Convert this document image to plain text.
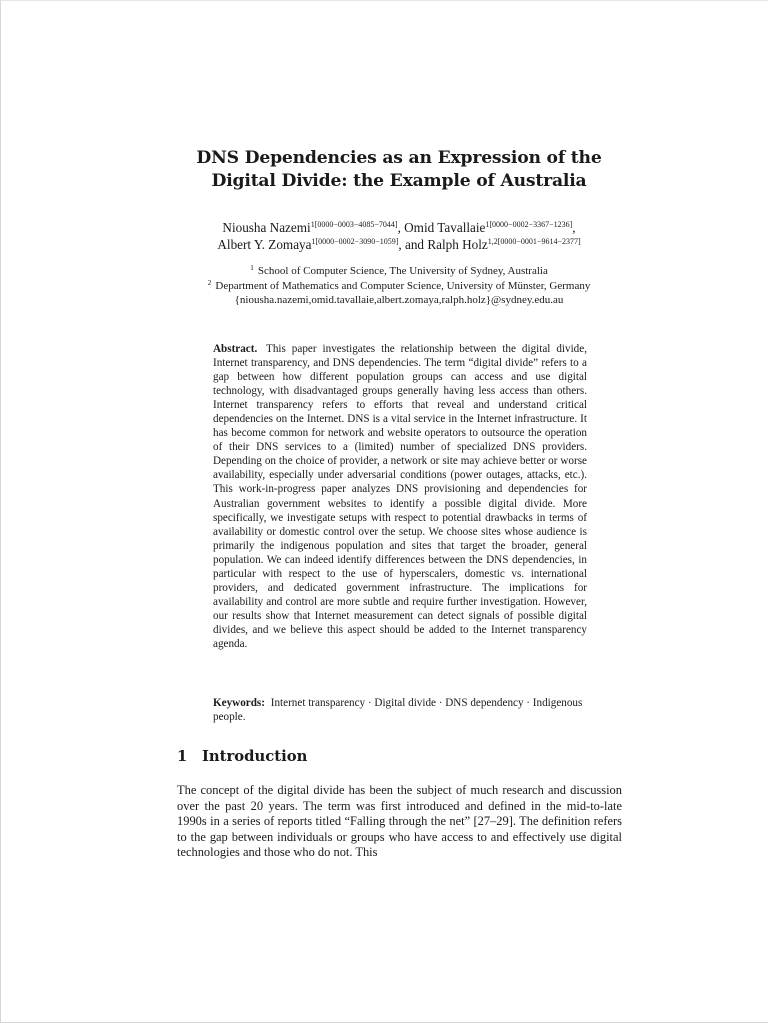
DNS Dependencies as an Expression of the
Digital Divide: the Example of Australia
Niousha Nazemi$^{1[0000-0003-4085-7044]}$, Omid Tavallaie$^{1[0000-0002-3367-1236]}$,
Albert Y. Zomaya$^{1[0000-0002-3090-1059]}$, and Ralph Holz$^{1,2[0000-0001-9614-2377]}$
$^1$ School of Computer Science, The University of Sydney, Australia
$^2$ Department of Mathematics and Computer Science, University of Münster, Germany
{niousha.nazemi,omid.tavallaie,albert.zomaya,ralph.holz}@sydney.edu.au
Abstract. This paper investigates the relationship between the digital divide, Internet transparency, and DNS dependencies. The term “digital divide” refers to a gap between how different population groups can access and use digital technology, with disadvantaged groups generally having less access than others. Internet transparency refers to efforts that reveal and understand critical dependencies on the Internet. DNS is a vital service in the Internet infrastructure. It has become common for network and website operators to outsource the operation of their DNS services to a (limited) number of specialized DNS providers. Depending on the choice of provider, a network or site may achieve better or worse availability, especially under adversarial conditions (power outages, attacks, etc.). This work-in-progress paper analyzes DNS provisioning and dependencies for Australian government websites to identify a possible digital divide. More specifically, we investigate setups with respect to potential drawbacks in terms of availability or domestic control over the setup. We choose sites whose audience is primarily the indigenous population and sites that target the broader, general population. We can indeed identify differences between the DNS dependencies, in particular with respect to the use of hyperscalers, domestic vs. international providers, and dedicated government infrastructure. The implications for availability and control are more subtle and require further investigation. However, our results show that Internet measurement can detect signals of possible digital divides, and we believe this aspect should be added to the Internet transparency agenda.
Keywords: Internet transparency · Digital divide · DNS dependency · Indigenous people.
1 Introduction
The concept of the digital divide has been the subject of much research and discussion over the past 20 years. The term was first introduced and defined in the mid-to-late 1990s in a series of reports titled “Falling through the net” [27–29]. The definition refers to the gap between individuals or groups who have access to and effectively use digital technologies and those who do not. This
